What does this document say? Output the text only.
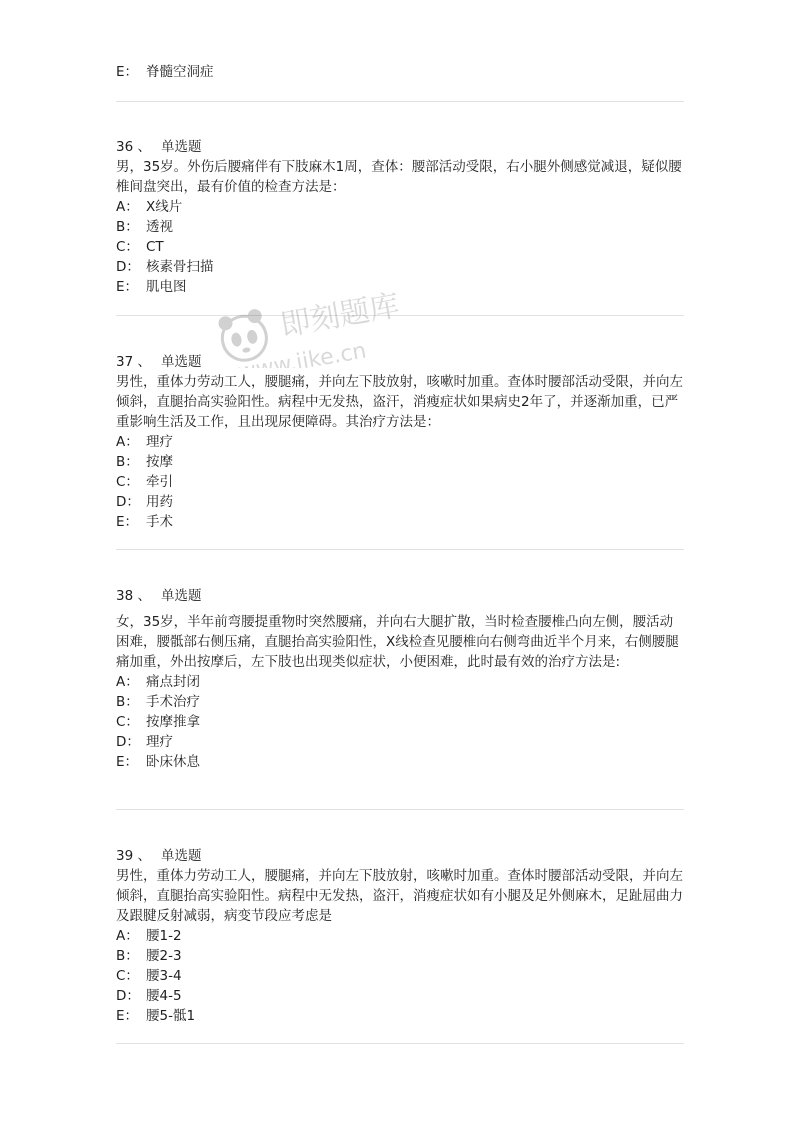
E： 脊髓空洞症
36 、 单选题
男，35岁。外伤后腰痛伴有下肢麻木1周，查体：腰部活动受限，右小腿外侧感觉减退，疑似腰椎间盘突出，最有价值的检查方法是：
A： X线片
B： 透视
C： CT
D： 核素骨扫描
E： 肌电图
37 、 单选题
男性，重体力劳动工人，腰腿痛，并向左下肢放射，咳嗽时加重。查体时腰部活动受限，并向左倾斜，直腿抬高实验阳性。病程中无发热，盗汗，消瘦症状如果病史2年了，并逐渐加重，已严重影响生活及工作，且出现尿便障碍。其治疗方法是：
A： 理疗
B： 按摩
C： 牵引
D： 用药
E： 手术
38 、 单选题
女，35岁，半年前弯腰提重物时突然腰痛，并向右大腿扩散，当时检查腰椎凸向左侧，腰活动困难，腰骶部右侧压痛，直腿抬高实验阳性，X线检查见腰椎向右侧弯曲近半个月来，右侧腰腿痛加重，外出按摩后，左下肢也出现类似症状，小便困难，此时最有效的治疗方法是:
A： 痛点封闭
B： 手术治疗
C： 按摩推拿
D： 理疗
E： 卧床休息
39 、 单选题
男性，重体力劳动工人，腰腿痛，并向左下肢放射，咳嗽时加重。查体时腰部活动受限，并向左倾斜，直腿抬高实验阳性。病程中无发热，盗汗，消瘦症状如有小腿及足外侧麻木，足趾屈曲力及跟腱反射减弱，病变节段应考虑是
A： 腰1-2
B： 腰2-3
C： 腰3-4
D： 腰4-5
E： 腰5-骶1
即刻题库
www.jike.cn
